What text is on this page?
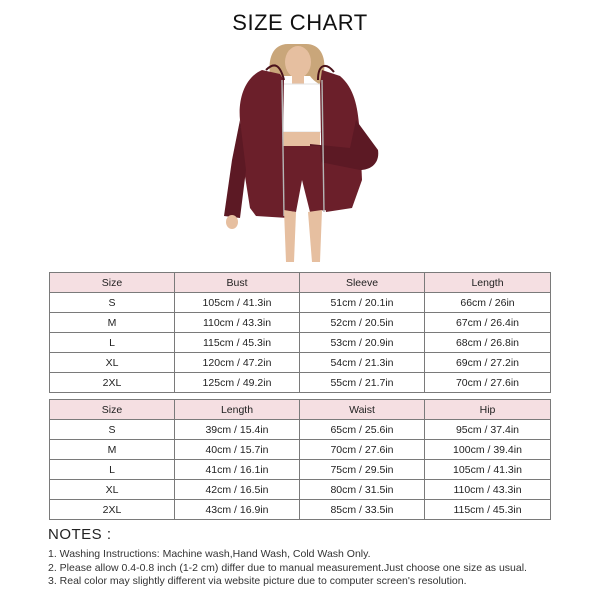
SIZE CHART
Size	Bust	Sleeve	Length
S	105cm / 41.3in	51cm / 20.1in	66cm / 26in
M	110cm / 43.3in	52cm / 20.5in	67cm / 26.4in
L	115cm / 45.3in	53cm / 20.9in	68cm / 26.8in
XL	120cm / 47.2in	54cm / 21.3in	69cm / 27.2in
2XL	125cm / 49.2in	55cm / 21.7in	70cm / 27.6in
Size	Length	Waist	Hip
S	39cm / 15.4in	65cm / 25.6in	95cm / 37.4in
M	40cm / 15.7in	70cm / 27.6in	100cm / 39.4in
L	41cm / 16.1in	75cm / 29.5in	105cm / 41.3in
XL	42cm / 16.5in	80cm / 31.5in	110cm / 43.3in
2XL	43cm / 16.9in	85cm / 33.5in	115cm / 45.3in
NOTES :
1. Washing Instructions: Machine wash,Hand Wash, Cold Wash Only.
2. Please allow 0.4-0.8 inch (1-2 cm) differ due to manual measurement.Just choose one size as usual.
3. Real color may slightly different via website picture due to computer screen's resolution.
